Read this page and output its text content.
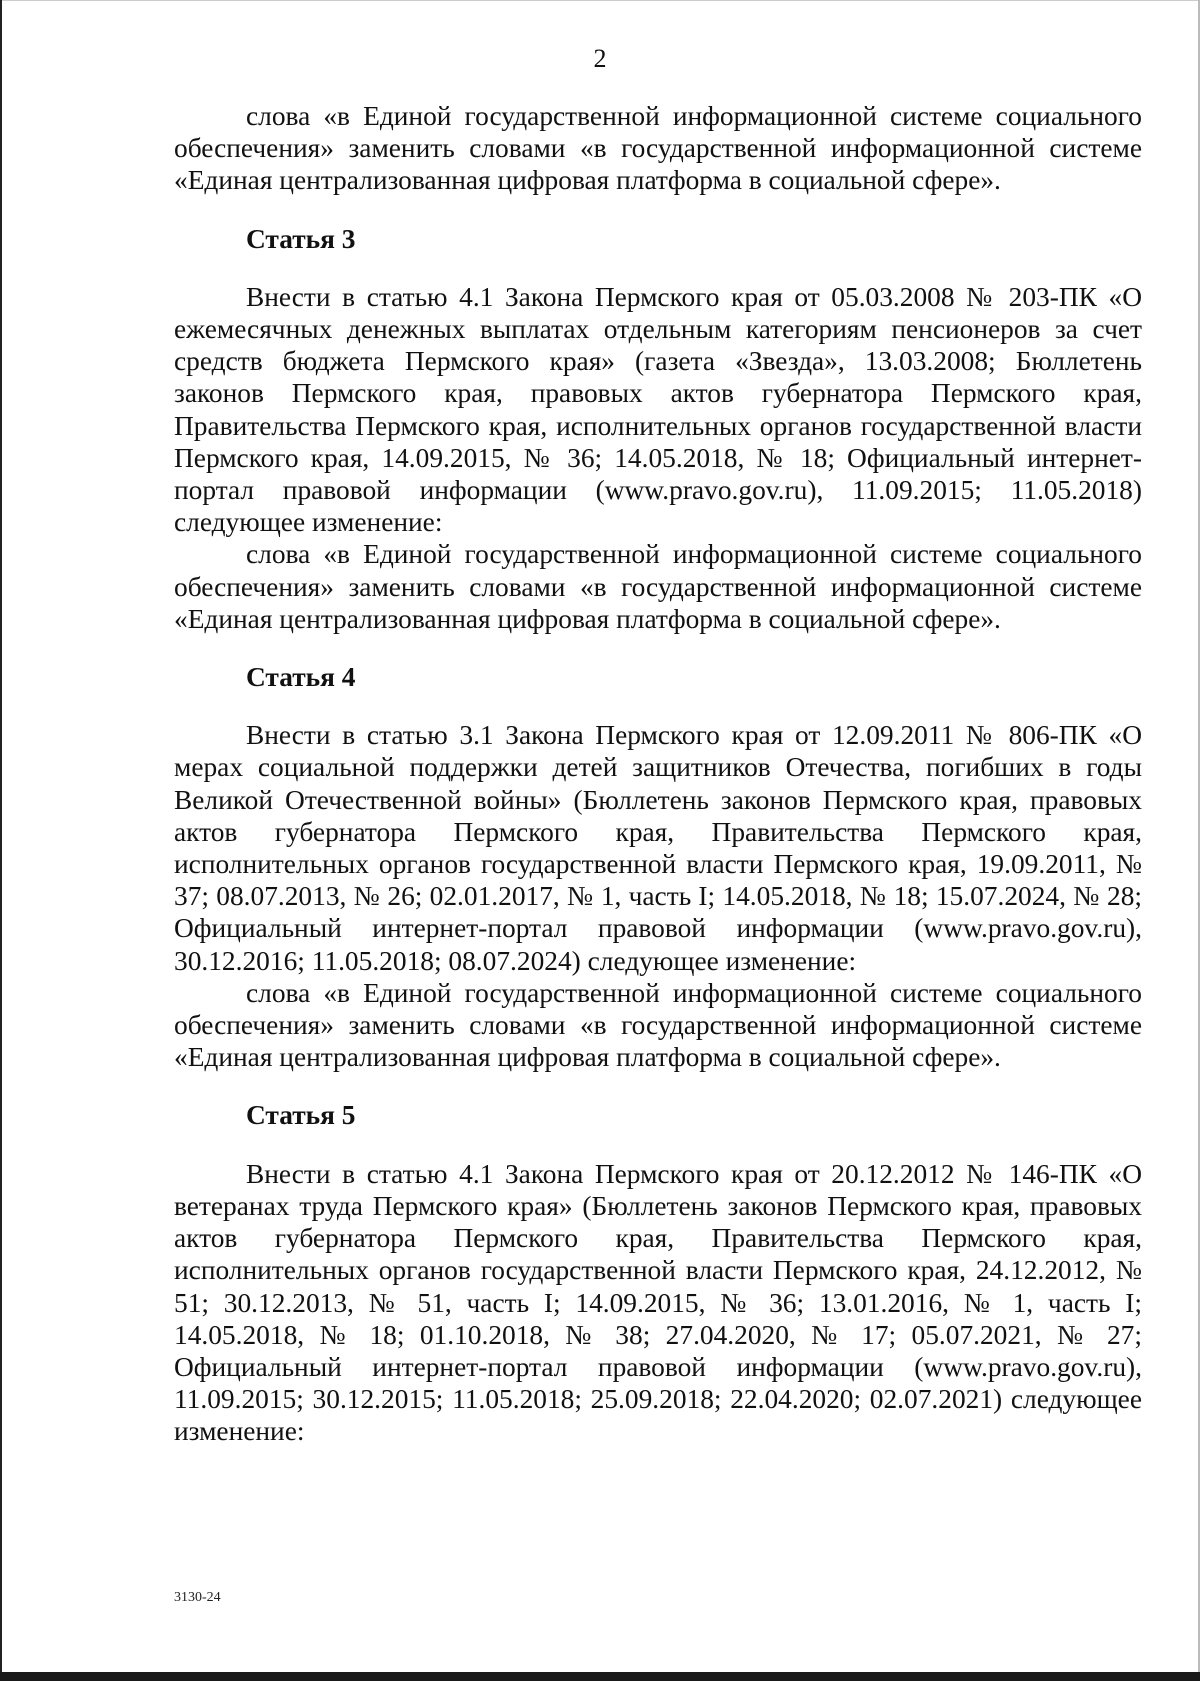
2

слова «в Единой государственной информационной системе социального обеспечения» заменить словами «в государственной информационной системе «Единая централизованная цифровая платформа в социальной сфере».

Статья 3

Внести в статью 4.1 Закона Пермского края от 05.03.2008 № 203-ПК «О ежемесячных денежных выплатах отдельным категориям пенсионеров за счет средств бюджета Пермского края» (газета «Звезда», 13.03.2008; Бюллетень законов Пермского края, правовых актов губернатора Пермского края, Правительства Пермского края, исполнительных органов государственной власти Пермского края, 14.09.2015, № 36; 14.05.2018, № 18; Официальный интернет-портал правовой информации (www.pravo.gov.ru), 11.09.2015; 11.05.2018) следующее изменение:

слова «в Единой государственной информационной системе социального обеспечения» заменить словами «в государственной информационной системе «Единая централизованная цифровая платформа в социальной сфере».

Статья 4

Внести в статью 3.1 Закона Пермского края от 12.09.2011 № 806-ПК «О мерах социальной поддержки детей защитников Отечества, погибших в годы Великой Отечественной войны» (Бюллетень законов Пермского края, правовых актов губернатора Пермского края, Правительства Пермского края, исполнительных органов государственной власти Пермского края, 19.09.2011, № 37; 08.07.2013, № 26; 02.01.2017, № 1, часть I; 14.05.2018, № 18; 15.07.2024, № 28; Официальный интернет-портал правовой информации (www.pravo.gov.ru), 30.12.2016; 11.05.2018; 08.07.2024) следующее изменение:

слова «в Единой государственной информационной системе социального обеспечения» заменить словами «в государственной информационной системе «Единая централизованная цифровая платформа в социальной сфере».

Статья 5

Внести в статью 4.1 Закона Пермского края от 20.12.2012 № 146-ПК «О ветеранах труда Пермского края» (Бюллетень законов Пермского края, правовых актов губернатора Пермского края, Правительства Пермского края, исполнительных органов государственной власти Пермского края, 24.12.2012, № 51; 30.12.2013, № 51, часть I; 14.09.2015, № 36; 13.01.2016, № 1, часть I; 14.05.2018, № 18; 01.10.2018, № 38; 27.04.2020, № 17; 05.07.2021, № 27; Официальный интернет-портал правовой информации (www.pravo.gov.ru), 11.09.2015; 30.12.2015; 11.05.2018; 25.09.2018; 22.04.2020; 02.07.2021) следующее изменение:

3130-24
